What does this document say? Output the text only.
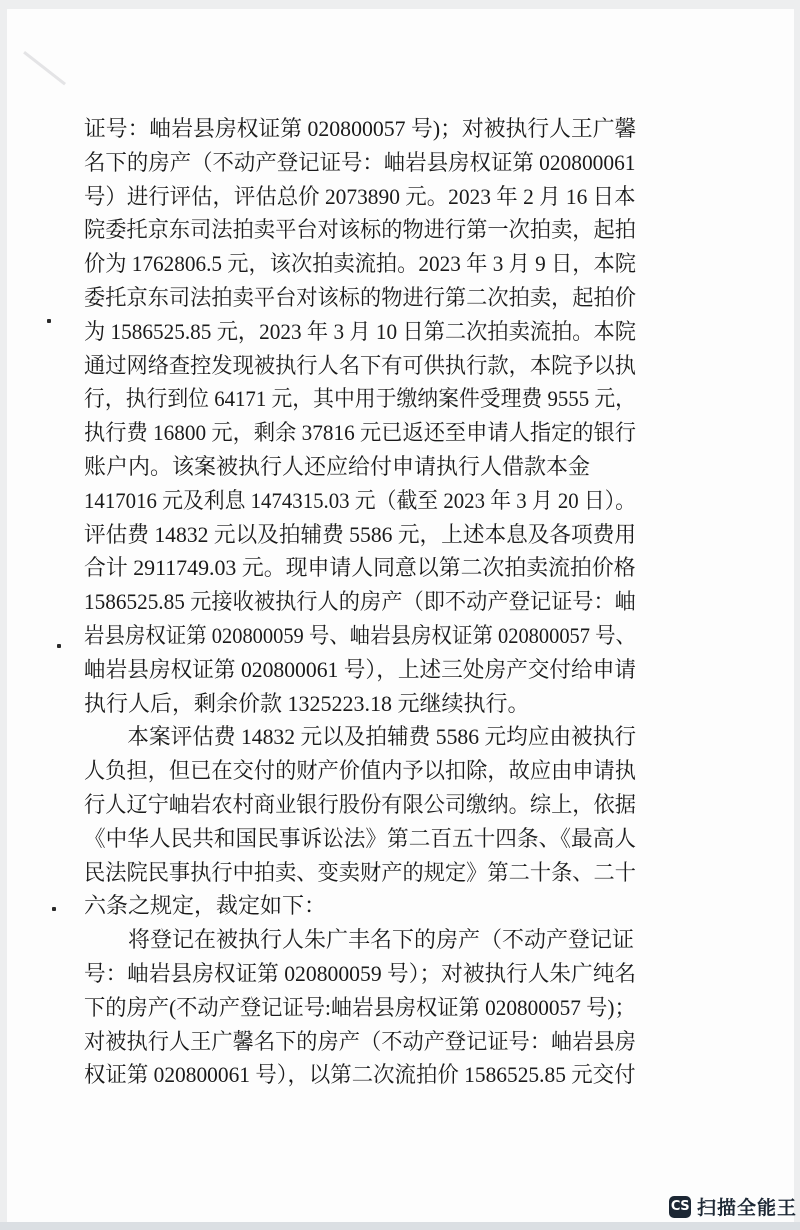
证号：岫岩县房权证第 020800057 号)；对被执行人王广馨
名下的房产（不动产登记证号：岫岩县房权证第 020800061
号）进行评估，评估总价 2073890 元。2023 年 2 月 16 日本
院委托京东司法拍卖平台对该标的物进行第一次拍卖，起拍
价为 1762806.5 元，该次拍卖流拍。2023 年 3 月 9 日，本院
委托京东司法拍卖平台对该标的物进行第二次拍卖，起拍价
为 1586525.85 元，2023 年 3 月 10 日第二次拍卖流拍。本院
通过网络查控发现被执行人名下有可供执行款，本院予以执
行，执行到位 64171 元，其中用于缴纳案件受理费 9555 元，
执行费 16800 元，剩余 37816 元已返还至申请人指定的银行
账户内。该案被执行人还应给付申请执行人借款本金
1417016 元及利息 1474315.03 元（截至 2023 年 3 月 20 日）。
评估费 14832 元以及拍辅费 5586 元，上述本息及各项费用
合计 2911749.03 元。现申请人同意以第二次拍卖流拍价格
1586525.85 元接收被执行人的房产（即不动产登记证号：岫
岩县房权证第 020800059 号、岫岩县房权证第 020800057 号、
岫岩县房权证第 020800061 号），上述三处房产交付给申请
执行人后，剩余价款 1325223.18 元继续执行。
本案评估费 14832 元以及拍辅费 5586 元均应由被执行
人负担，但已在交付的财产价值内予以扣除，故应由申请执
行人辽宁岫岩农村商业银行股份有限公司缴纳。综上，依据
《中华人民共和国民事诉讼法》第二百五十四条、《最高人
民法院民事执行中拍卖、变卖财产的规定》第二十条、二十
六条之规定，裁定如下：
将登记在被执行人朱广丰名下的房产（不动产登记证
号：岫岩县房权证第 020800059 号）；对被执行人朱广纯名
下的房产(不动产登记证号:岫岩县房权证第 020800057 号)；
对被执行人王广馨名下的房产（不动产登记证号：岫岩县房
权证第 020800061 号），以第二次流拍价 1586525.85 元交付
CS 扫描全能王
